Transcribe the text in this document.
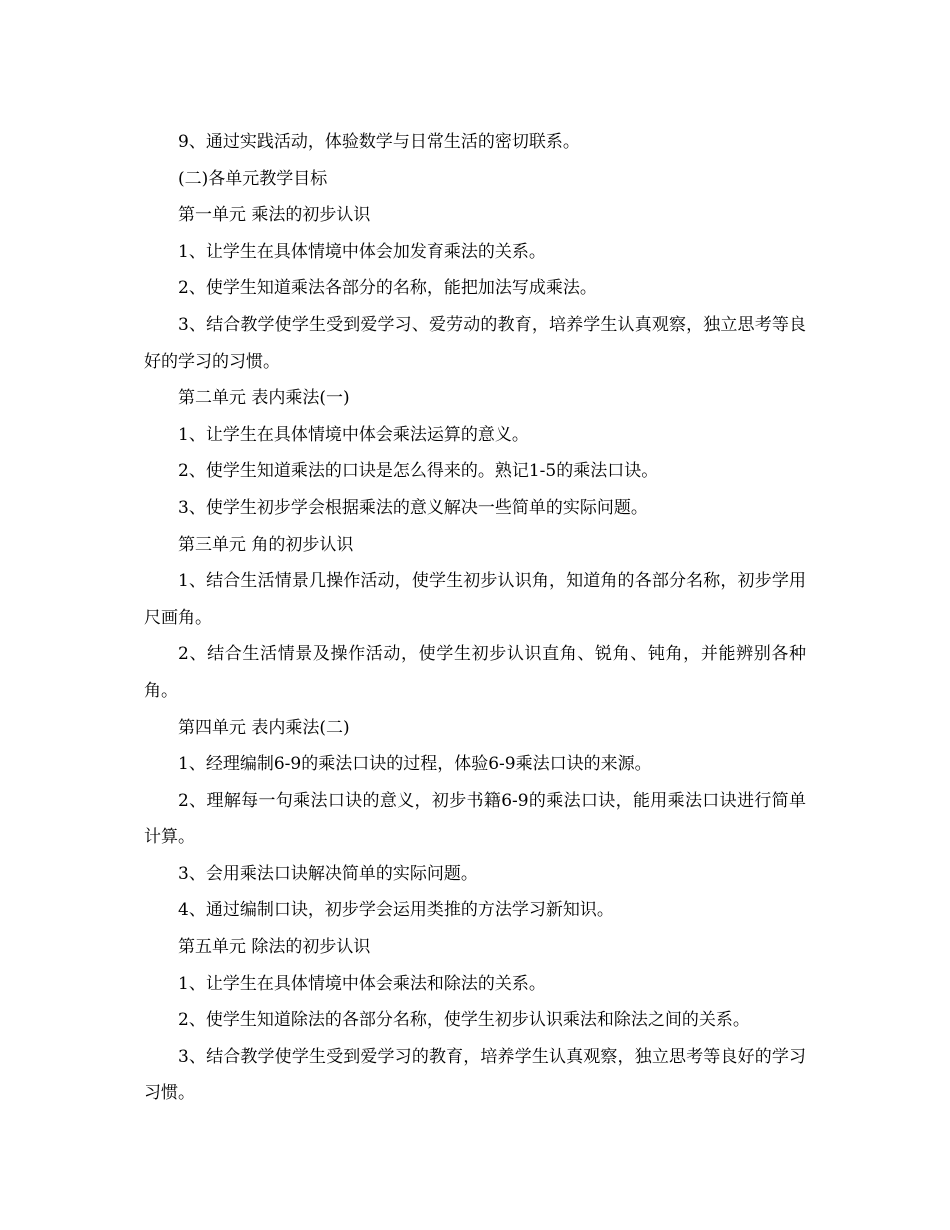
9、通过实践活动，体验数学与日常生活的密切联系。

(二)各单元教学目标

第一单元 乘法的初步认识

1、让学生在具体情境中体会加发育乘法的关系。

2、使学生知道乘法各部分的名称，能把加法写成乘法。

3、结合教学使学生受到爱学习、爱劳动的教育，培养学生认真观察，独立思考等良好的学习的习惯。

第二单元 表内乘法(一)

1、让学生在具体情境中体会乘法运算的意义。

2、使学生知道乘法的口诀是怎么得来的。熟记1-5的乘法口诀。

3、使学生初步学会根据乘法的意义解决一些简单的实际问题。

第三单元 角的初步认识

1、结合生活情景几操作活动，使学生初步认识角，知道角的各部分名称，初步学用尺画角。

2、结合生活情景及操作活动，使学生初步认识直角、锐角、钝角，并能辨别各种角。

第四单元 表内乘法(二)

1、经理编制6-9的乘法口诀的过程，体验6-9乘法口诀的来源。

2、理解每一句乘法口诀的意义，初步书籍6-9的乘法口诀，能用乘法口诀进行简单计算。

3、会用乘法口诀解决简单的实际问题。

4、通过编制口诀，初步学会运用类推的方法学习新知识。

第五单元 除法的初步认识

1、让学生在具体情境中体会乘法和除法的关系。

2、使学生知道除法的各部分名称，使学生初步认识乘法和除法之间的关系。

3、结合教学使学生受到爱学习的教育，培养学生认真观察，独立思考等良好的学习习惯。
